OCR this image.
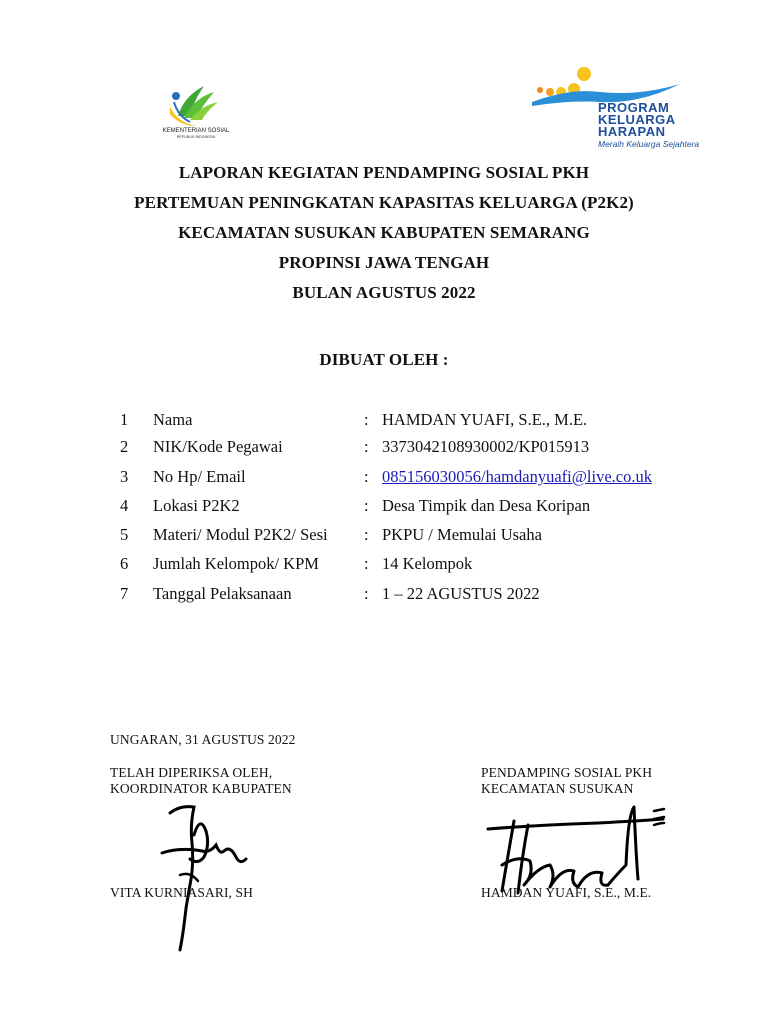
KEMENTERIAN SOSIAL
REPUBLIK INDONESIA
PROGRAM
KELUARGA
HARAPAN
Meraih Keluarga Sejahtera
LAPORAN KEGIATAN PENDAMPING SOSIAL PKH
PERTEMUAN PENINGKATAN KAPASITAS KELUARGA (P2K2)
KECAMATAN SUSUKAN KABUPATEN SEMARANG
PROPINSI JAWA TENGAH
BULAN AGUSTUS 2022
DIBUAT OLEH :
1 Nama	: HAMDAN YUAFI, S.E., M.E.
2 NIK/Kode Pegawai	: 3373042108930002/KP015913
3 No Hp/ Email	: 085156030056/hamdanyuafi@live.co.uk
4 Lokasi P2K2	: Desa Timpik dan Desa Koripan
5 Materi/ Modul P2K2/ Sesi : PKPU / Memulai Usaha
6 Jumlah Kelompok/ KPM	: 14 Kelompok
7 Tanggal Pelaksanaan	: 1 – 22 AGUSTUS 2022
UNGARAN, 31 AGUSTUS 2022
TELAH DIPERIKSA OLEH,
KOORDINATOR KABUPATEN
VITA KURNIASARI, SH
PENDAMPING SOSIAL PKH
KECAMATAN SUSUKAN
HAMDAN YUAFI, S.E., M.E.
